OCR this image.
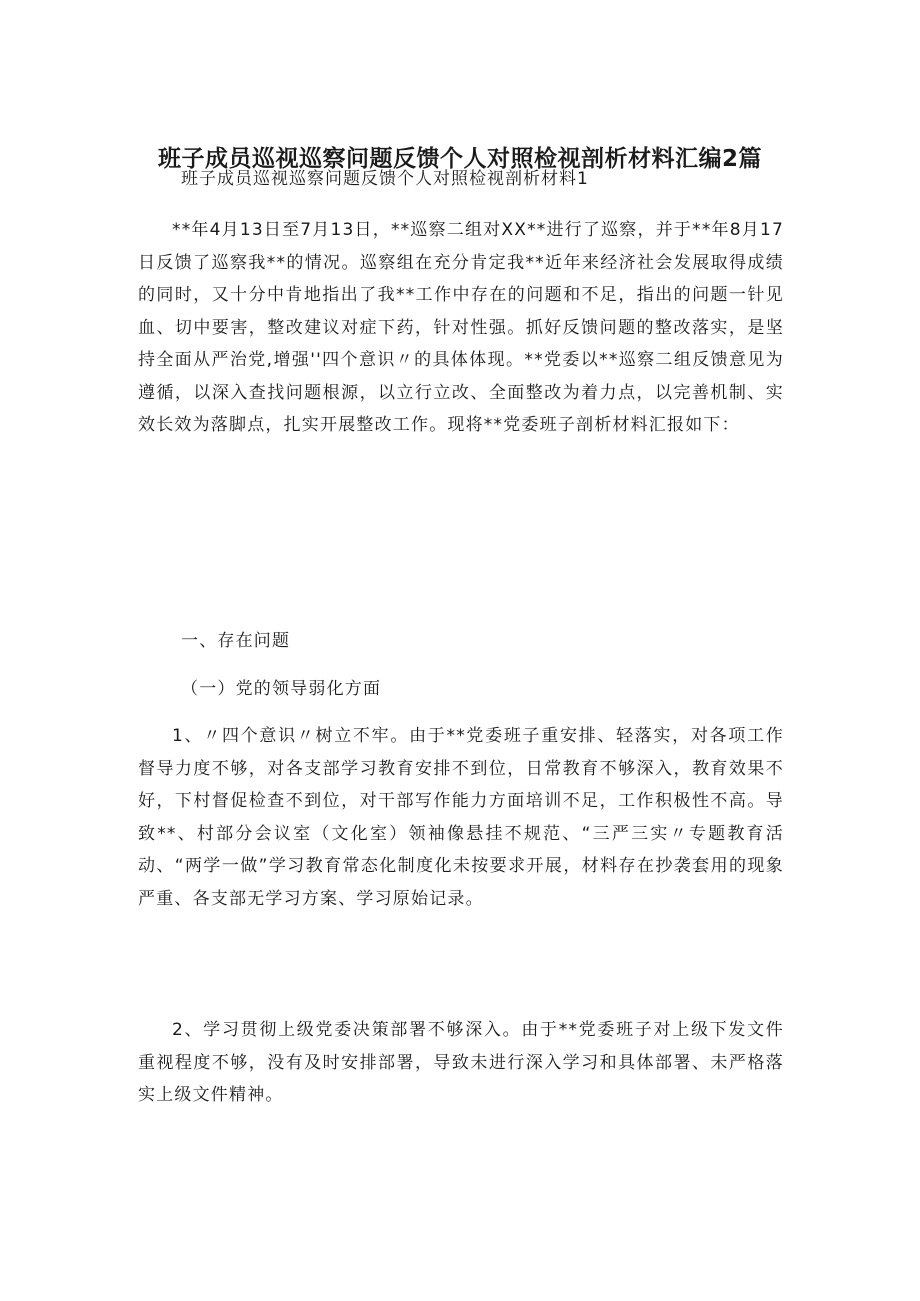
班子成员巡视巡察问题反馈个人对照检视剖析材料汇编2篇

班子成员巡视巡察问题反馈个人对照检视剖析材料1

**年4月13日至7月13日，**巡察二组对XX**进行了巡察，并于**年8月17日反馈了巡察我**的情况。巡察组在充分肯定我**近年来经济社会发展取得成绩的同时，又十分中肯地指出了我**工作中存在的问题和不足，指出的问题一针见血、切中要害，整改建议对症下药，针对性强。抓好反馈问题的整改落实，是坚持全面从严治党,增强''四个意识〃的具体体现。**党委以**巡察二组反馈意见为遵循，以深入查找问题根源，以立行立改、全面整改为着力点，以完善机制、实效长效为落脚点，扎实开展整改工作。现将**党委班子剖析材料汇报如下：

一、存在问题

（一）党的领导弱化方面

1、〃四个意识〃树立不牢。由于**党委班子重安排、轻落实，对各项工作督导力度不够，对各支部学习教育安排不到位，日常教育不够深入，教育效果不好，下村督促检查不到位，对干部写作能力方面培训不足，工作积极性不高。导致**、村部分会议室（文化室）领袖像悬挂不规范、“三严三实〃专题教育活动、“两学一做”学习教育常态化制度化未按要求开展，材料存在抄袭套用的现象严重、各支部无学习方案、学习原始记录。

2、学习贯彻上级党委决策部署不够深入。由于**党委班子对上级下发文件重视程度不够，没有及时安排部署，导致未进行深入学习和具体部署、未严格落实上级文件精神。
